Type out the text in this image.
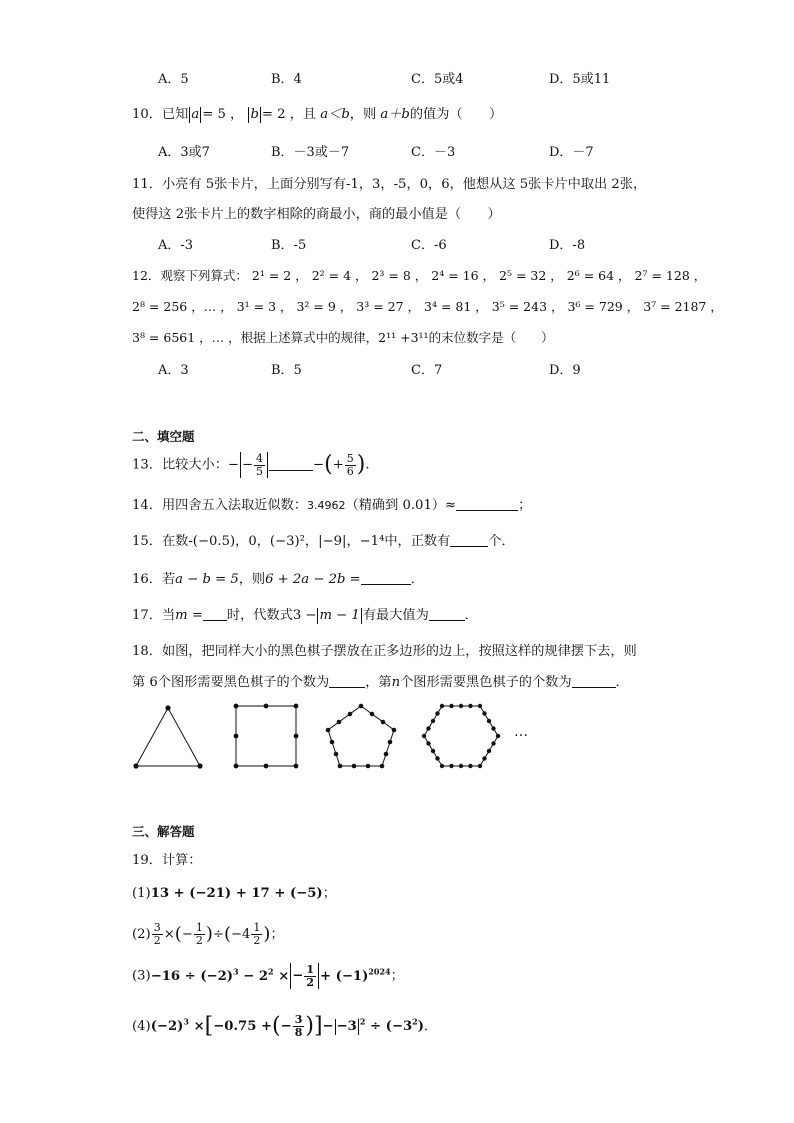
A．5	B．4	C．5或4	D．5或11
10．已知 a = 5 ， b = 2 ，且 a＜b，则 a＋b的值为（　　）
A．3或7	B．－3或－7	C．－3	D．－7
11．小亮有 5张卡片，上面分别写有-1，3，-5，0，6，他想从这 5张卡片中取出 2张，
使得这 2张卡片上的数字相除的商最小，商的最小值是（　　）
A．-3	B．-5	C．-6	D．-8
12．观察下列算式： 2¹ = 2 ， 2² = 4 ， 2³ = 8 ， 2⁴ = 16 ， 2⁵ = 32 ， 2⁶ = 64 ， 2⁷ = 128 ，
2⁸ = 256 ，… ， 3¹ = 3 ， 3² = 9 ， 3³ = 27 ， 3⁴ = 81 ， 3⁵ = 243 ， 3⁶ = 729 ， 3⁷ = 2187 ，
3⁸ = 6561 ，… ，根据上述算式中的规律，2¹¹ +3¹¹的末位数字是（　　）
A．3	B．5	C．7	D．9
二、填空题
13．比较大小：− − $\frac{4}{5}$	−(+ $\frac{5}{6}$ ).
14．用四舍五入法取近似数：3.4962（精确到 0.01）≈	；
15．在数-(−0.5)，0，(−3)²，|−9|，−1⁴中，正数有	个．
16．若a − b = 5，则6 + 2a − 2b =	．
17．当m = 时，代数式3 − m − 1 有最大值为	．
18．如图，把同样大小的黑色棋子摆放在正多边形的边上，按照这样的规律摆下去，则
第 6个图形需要黑色棋子的个数为	，第n个图形需要黑色棋子的个数为	．
…
三、解答题
19．计算：
(1)13 + (−21) + 17 + (−5)；
$(2) \frac{3}{2}$ ×(− $\frac{1}{2} )\div(-4 \frac{1}{2}$ )；
$(3)-16 \div (-2)^3 - 2^2$ × − $\frac{1}{2} + (-1)^{2024}$；
$(4)(-2)^3 \times[-0.75$ +(− $\frac{3}{8}$ )]− −3 $^2 \div (-3^2)$．
